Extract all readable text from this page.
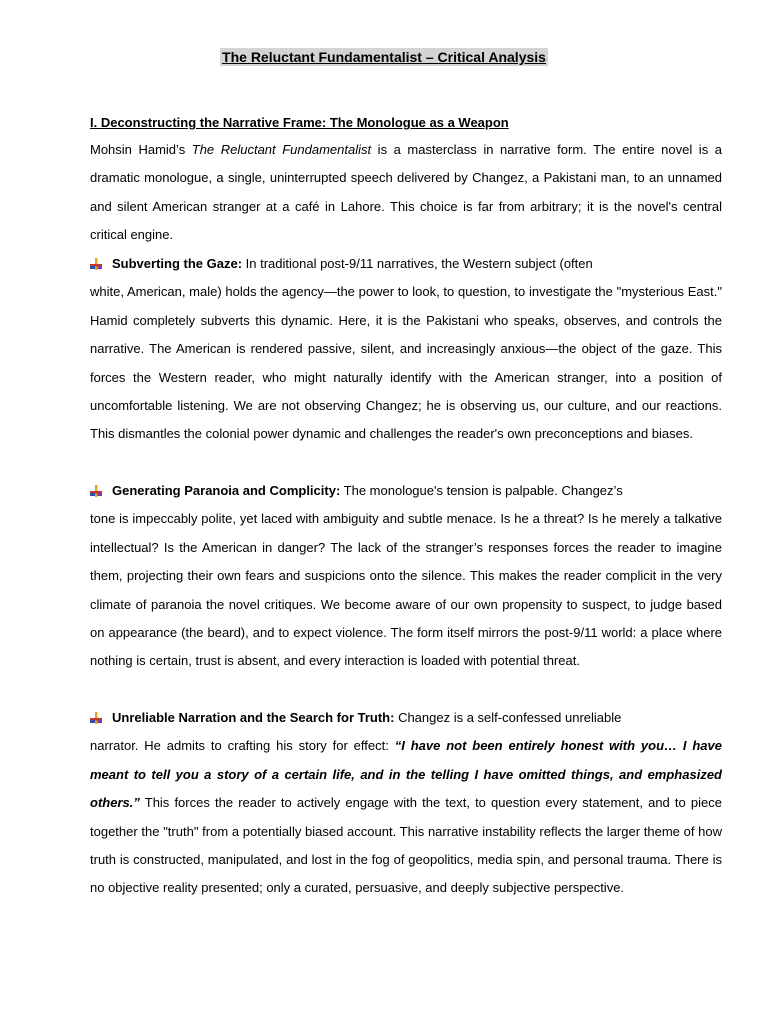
The Reluctant Fundamentalist – Critical Analysis
I. Deconstructing the Narrative Frame: The Monologue as a Weapon

Mohsin Hamid’s The Reluctant Fundamentalist is a masterclass in narrative form. The entire novel is a dramatic monologue, a single, uninterrupted speech delivered by Changez, a Pakistani man, to an unnamed and silent American stranger at a café in Lahore. This choice is far from arbitrary; it is the novel's central critical engine.

Subverting the Gaze: In traditional post-9/11 narratives, the Western subject (often
white, American, male) holds the agency—the power to look, to question, to investigate the "mysterious East." Hamid completely subverts this dynamic. Here, it is the Pakistani who speaks, observes, and controls the narrative. The American is rendered passive, silent, and increasingly anxious—the object of the gaze. This forces the Western reader, who might naturally identify with the American stranger, into a position of uncomfortable listening. We are not observing Changez; he is observing us, our culture, and our reactions. This dismantles the colonial power dynamic and challenges the reader's own preconceptions and biases.

Generating Paranoia and Complicity: The monologue's tension is palpable. Changez’s
tone is impeccably polite, yet laced with ambiguity and subtle menace. Is he a threat? Is he merely a talkative intellectual? Is the American in danger? The lack of the stranger’s responses forces the reader to imagine them, projecting their own fears and suspicions onto the silence. This makes the reader complicit in the very climate of paranoia the novel critiques. We become aware of our own propensity to suspect, to judge based on appearance (the beard), and to expect violence. The form itself mirrors the post-9/11 world: a place where nothing is certain, trust is absent, and every interaction is loaded with potential threat.

Unreliable Narration and the Search for Truth: Changez is a self-confessed unreliable
narrator. He admits to crafting his story for effect: “I have not been entirely honest with you… I have meant to tell you a story of a certain life, and in the telling I have omitted things, and emphasized others.” This forces the reader to actively engage with the text, to question every statement, and to piece together the "truth" from a potentially biased account. This narrative instability reflects the larger theme of how truth is constructed, manipulated, and lost in the fog of geopolitics, media spin, and personal trauma. There is no objective reality presented; only a curated, persuasive, and deeply subjective perspective.
